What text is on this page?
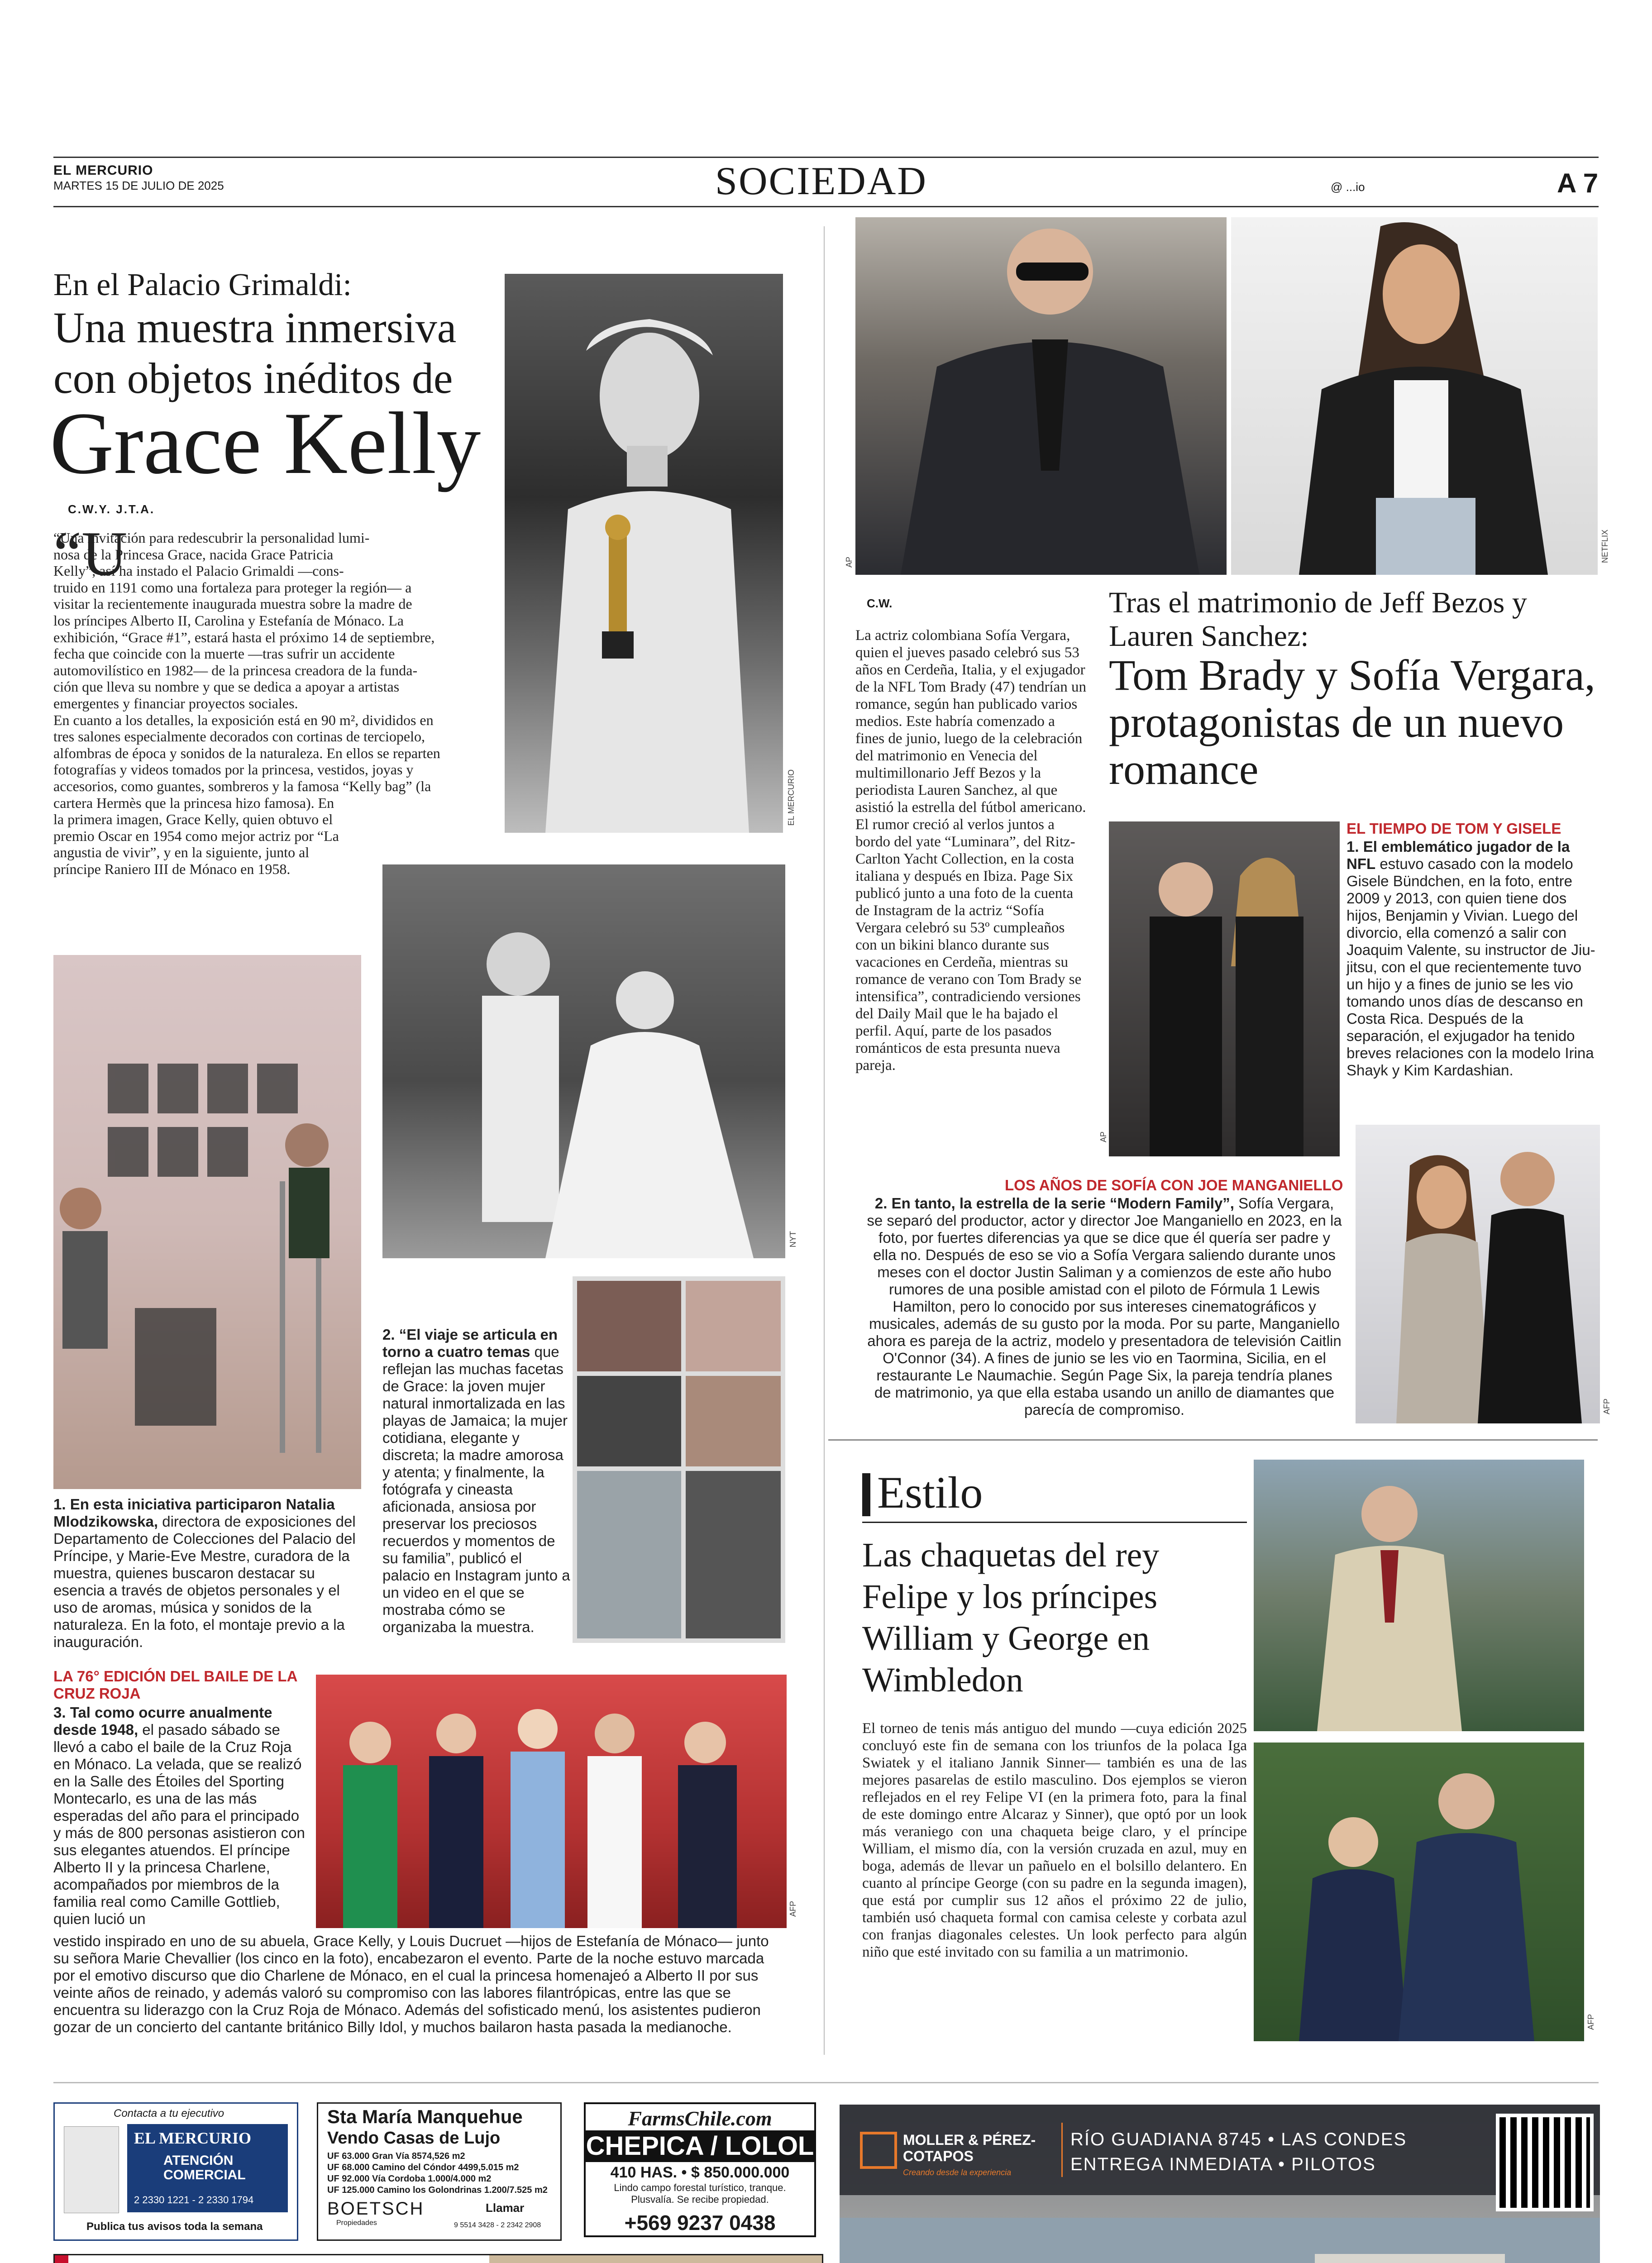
EL MERCURIO
MARTES 15 DE JULIO DE 2025	SOCIEDAD	@ ...io	A 7
En el Palacio Grimaldi:
Una muestra inmersiva
con objetos inéditos de
Grace Kelly
C.W.Y. J.T.A.
EL MERCURIO
“U
“Una invitación para redescubrir la personalidad lumi-
nosa de la Princesa Grace, nacida Grace Patricia
Kelly”, así ha instado el Palacio Grimaldi —cons-
truido en 1191 como una fortaleza para proteger la región— a
visitar la recientemente inaugurada muestra sobre la madre de
los príncipes Alberto II, Carolina y Estefanía de Mónaco. La
exhibición, “Grace #1”, estará hasta el próximo 14 de septiembre,
fecha que coincide con la muerte —tras sufrir un accidente
automovilístico en 1982— de la princesa creadora de la funda-
ción que lleva su nombre y que se dedica a apoyar a artistas
emergentes y financiar proyectos sociales.
En cuanto a los detalles, la exposición está en 90 m², divididos en
tres salones especialmente decorados con cortinas de terciopelo,
alfombras de época y sonidos de la naturaleza. En ellos se reparten
fotografías y videos tomados por la princesa, vestidos, joyas y
accesorios, como guantes, sombreros y la famosa “Kelly bag” (la
cartera Hermès que la princesa hizo famosa). En
la primera imagen, Grace Kelly, quien obtuvo el
premio Oscar en 1954 como mejor actriz por “La
angustia de vivir”, y en la siguiente, junto al
príncipe Raniero III de Mónaco en 1958.
1. En esta iniciativa participaron Natalia Mlodzikowska, directora de exposiciones del Departamento de Colecciones del Palacio del Príncipe, y Marie-Eve Mestre, curadora de la muestra, quienes buscaron destacar su esencia a través de objetos personales y el uso de aromas, música y sonidos de la naturaleza. En la foto, el montaje previo a la inauguración.
NYT
2. “El viaje se articula en torno a cuatro temas que reflejan las muchas facetas de Grace: la joven mujer natural inmortalizada en las playas de Jamaica; la mujer cotidiana, elegante y discreta; la madre amorosa y atenta; y finalmente, la fotógrafa y cineasta aficionada, ansiosa por preservar los preciosos recuerdos y momentos de su familia”, publicó el palacio en Instagram junto a un video en el que se mostraba cómo se organizaba la muestra.
LA 76° EDICIÓN DEL BAILE DE LA CRUZ ROJA
3. Tal como ocurre anualmente desde 1948, el pasado sábado se llevó a cabo el baile de la Cruz Roja en Mónaco. La velada, que se realizó en la Salle des Étoiles del Sporting Montecarlo, es una de las más esperadas del año para el principado y más de 800 personas asistieron con sus elegantes atuendos. El príncipe Alberto II y la princesa Charlene, acompañados por miembros de la familia real como Camille Gottlieb, quien lució un
AFP
vestido inspirado en uno de su abuela, Grace Kelly, y Louis Ducruet —hijos de Estefanía de Mónaco— junto su señora Marie Chevallier (los cinco en la foto), encabezaron el evento. Parte de la noche estuvo marcada por el emotivo discurso que dio Charlene de Mónaco, en el cual la princesa homenajeó a Alberto II por sus veinte años de reinado, y además valoró su compromiso con las labores filantrópicas, entre las que se encuentra su liderazgo con la Cruz Roja de Mónaco. Además del sofisticado menú, los asistentes pudieron gozar de un concierto del cantante británico Billy Idol, y muchos bailaron hasta pasada la medianoche.
AP	NETFLIX
C.W.	Tras el matrimonio de Jeff Bezos y Lauren Sanchez:
Tom Brady y Sofía Vergara, protagonistas de un nuevo romance
La actriz colombiana Sofía Vergara, quien el jueves pasado celebró sus 53 años en Cerdeña, Italia, y el exjugador de la NFL Tom Brady (47) tendrían un romance, según han publicado varios medios. Este habría comenzado a fines de junio, luego de la celebración del matrimonio en Venecia del multimillonario Jeff Bezos y la periodista Lauren Sanchez, al que asistió la estrella del fútbol americano. El rumor creció al verlos juntos a bordo del yate “Luminara”, del Ritz-Carlton Yacht Collection, en la costa italiana y después en Ibiza. Page Six publicó junto a una foto de la cuenta de Instagram de la actriz “Sofía Vergara celebró su 53º cumpleaños con un bikini blanco durante sus vacaciones en Cerdeña, mientras su romance de verano con Tom Brady se intensifica”, contradiciendo versiones del Daily Mail que le ha bajado el perfil. Aquí, parte de los pasados románticos de esta presunta nueva pareja.
AP
EL TIEMPO DE TOM Y GISELE
1. El emblemático jugador de la NFL estuvo casado con la modelo Gisele Bündchen, en la foto, entre 2009 y 2013, con quien tiene dos hijos, Benjamin y Vivian. Luego del divorcio, ella comenzó a salir con Joaquim Valente, su instructor de Jiu-jitsu, con el que recientemente tuvo un hijo y a fines de junio se les vio tomando unos días de descanso en Costa Rica. Después de la separación, el exjugador ha tenido breves relaciones con la modelo Irina Shayk y Kim Kardashian.
LOS AÑOS DE SOFÍA CON JOE MANGANIELLO
2. En tanto, la estrella de la serie “Modern Family”, Sofía Vergara, se separó del productor, actor y director Joe Manganiello en 2023, en la foto, por fuertes diferencias ya que se dice que él quería ser padre y ella no. Después de eso se vio a Sofía Vergara saliendo durante unos meses con el doctor Justin Saliman y a comienzos de este año hubo rumores de una posible amistad con el piloto de Fórmula 1 Lewis Hamilton, pero lo conocido por sus intereses cinematográficos y musicales, además de su gusto por la moda. Por su parte, Manganiello ahora es pareja de la actriz, modelo y presentadora de televisión Caitlin O'Connor (34). A fines de junio se les vio en Taormina, Sicilia, en el restaurante Le Naumachie. Según Page Six, la pareja tendría planes de matrimonio, ya que ella estaba usando un anillo de diamantes que parecía de compromiso.	AFP
Estilo
Las chaquetas del rey Felipe y los príncipes William y George en Wimbledon
El torneo de tenis más antiguo del mundo —cuya edición 2025 concluyó este fin de semana con los triunfos de la polaca Iga Swiatek y el italiano Jannik Sinner— también es una de las mejores pasarelas de estilo masculino. Dos ejemplos se vieron reflejados en el rey Felipe VI (en la primera foto, para la final de este domingo entre Alcaraz y Sinner), que optó por un look más veraniego con una chaqueta beige claro, y el príncipe William, el mismo día, con la versión cruzada en azul, muy en boga, además de llevar un pañuelo en el bolsillo delantero. En cuanto al príncipe George (con su padre en la segunda imagen), que está por cumplir sus 12 años el próximo 22 de julio, también usó chaqueta formal con camisa celeste y corbata azul con franjas diagonales celestes. Un look perfecto para algún niño que esté invitado con su familia a un matrimonio.
AFP
Contacta a tu ejecutivo
EL MERCURIO
ATENCIÓN COMERCIAL
2 2330 1221 - 2 2330 1794
Publica tus avisos toda la semana
Sta María Manquehue
Vendo Casas de Lujo
UF 63.000 Gran Vía 8574,526 m2
UF 68.000 Camino del Cóndor 4499,5.015 m2
UF 92.000 Vía Cordoba 1.000/4.000 m2
UF 125.000 Camino los Golondrinas 1.200/7.525 m2
BOETSCH
Propiedades
Llamar
9 5514 3428 - 2 2342 2908
FarmsChile.com
CHEPICA / LOLOL
410 HAS. • $ 850.000.000
Lindo campo forestal turístico, tranque. Plusvalía. Se recibe propiedad.
+569 9237 0438
MOLLER & PÉREZ-COTAPOS
Creando desde la experiencia
RÍO GUADIANA 8745 • LAS CONDES
ENTREGA INMEDIATA • PILOTOS
